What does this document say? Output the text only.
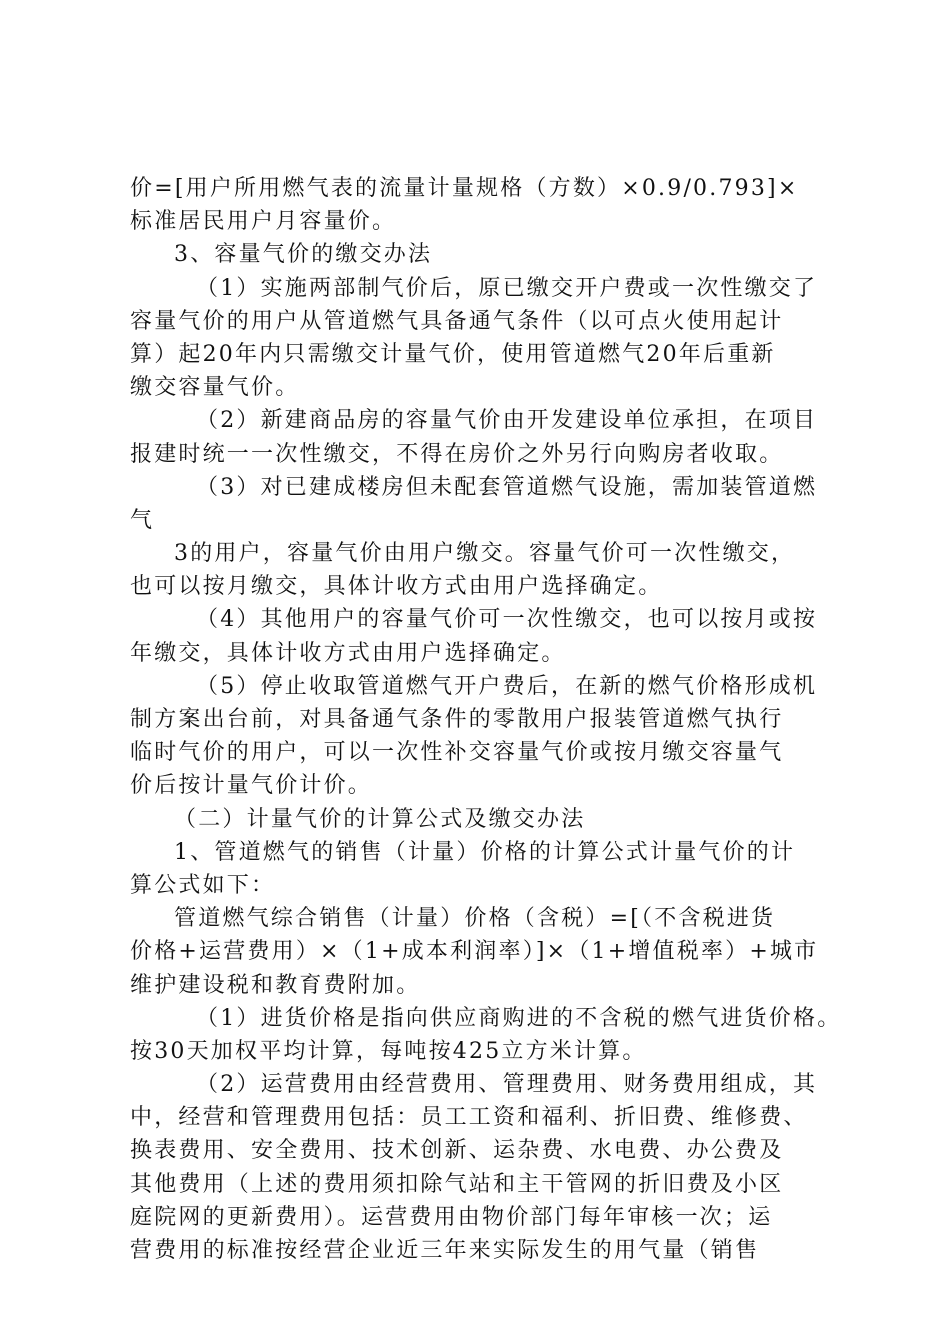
价=[用户所用燃气表的流量计量规格（方数）×0.9/0.793]×
标准居民用户月容量价。
3、容量气价的缴交办法
（1）实施两部制气价后，原已缴交开户费或一次性缴交了
容量气价的用户从管道燃气具备通气条件（以可点火使用起计
算）起20年内只需缴交计量气价，使用管道燃气20年后重新
缴交容量气价。
（2）新建商品房的容量气价由开发建设单位承担，在项目
报建时统一一次性缴交，不得在房价之外另行向购房者收取。
（3）对已建成楼房但未配套管道燃气设施，需加装管道燃
气
3的用户，容量气价由用户缴交。容量气价可一次性缴交，
也可以按月缴交，具体计收方式由用户选择确定。
（4）其他用户的容量气价可一次性缴交，也可以按月或按
年缴交，具体计收方式由用户选择确定。
（5）停止收取管道燃气开户费后，在新的燃气价格形成机
制方案出台前，对具备通气条件的零散用户报装管道燃气执行
临时气价的用户，可以一次性补交容量气价或按月缴交容量气
价后按计量气价计价。
（二）计量气价的计算公式及缴交办法
1、管道燃气的销售（计量）价格的计算公式计量气价的计
算公式如下：
管道燃气综合销售（计量）价格（含税）=[（不含税进货
价格+运营费用）×（1+成本利润率）]×（1+增值税率）+城市
维护建设税和教育费附加。
（1）进货价格是指向供应商购进的不含税的燃气进货价格。
按30天加权平均计算，每吨按425立方米计算。
（2）运营费用由经营费用、管理费用、财务费用组成，其
中，经营和管理费用包括：员工工资和福利、折旧费、维修费、
换表费用、安全费用、技术创新、运杂费、水电费、办公费及
其他费用（上述的费用须扣除气站和主干管网的折旧费及小区
庭院网的更新费用）。运营费用由物价部门每年审核一次；运
营费用的标准按经营企业近三年来实际发生的用气量（销售
